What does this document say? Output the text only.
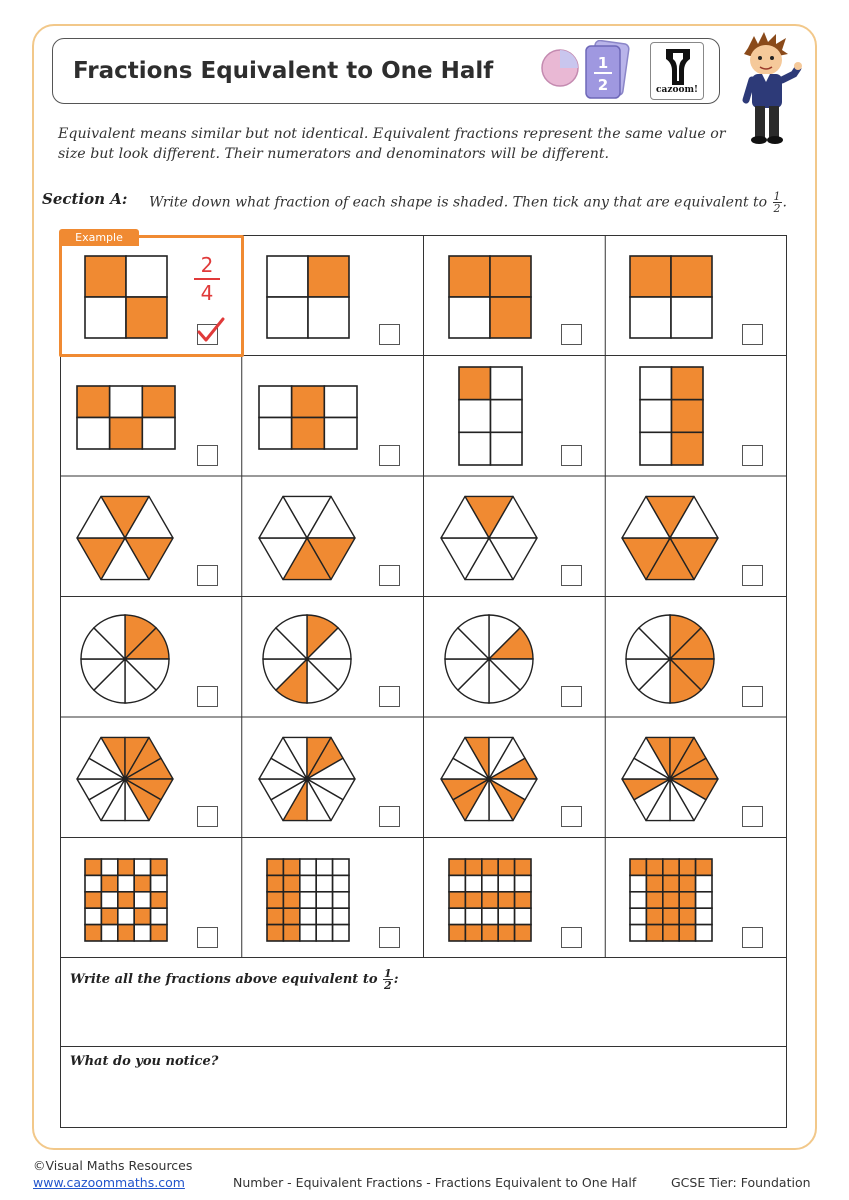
Fractions Equivalent to One Half	1
2	cazoom!
Equivalent means similar but not identical. Equivalent fractions represent the same value or size but look different. Their numerators and denominators will be different.
Section A: Write down what fraction of each shape is shaded. Then tick any that are equivalent to $\frac{1}{2}$ .
Example
2
4
Write all the fractions above equivalent to $\frac{1}{2}$ :
What do you notice?
©Visual Maths Resources
www.cazoommaths.com	Number - Equivalent Fractions - Fractions Equivalent to One Half	GCSE Tier: Foundation
